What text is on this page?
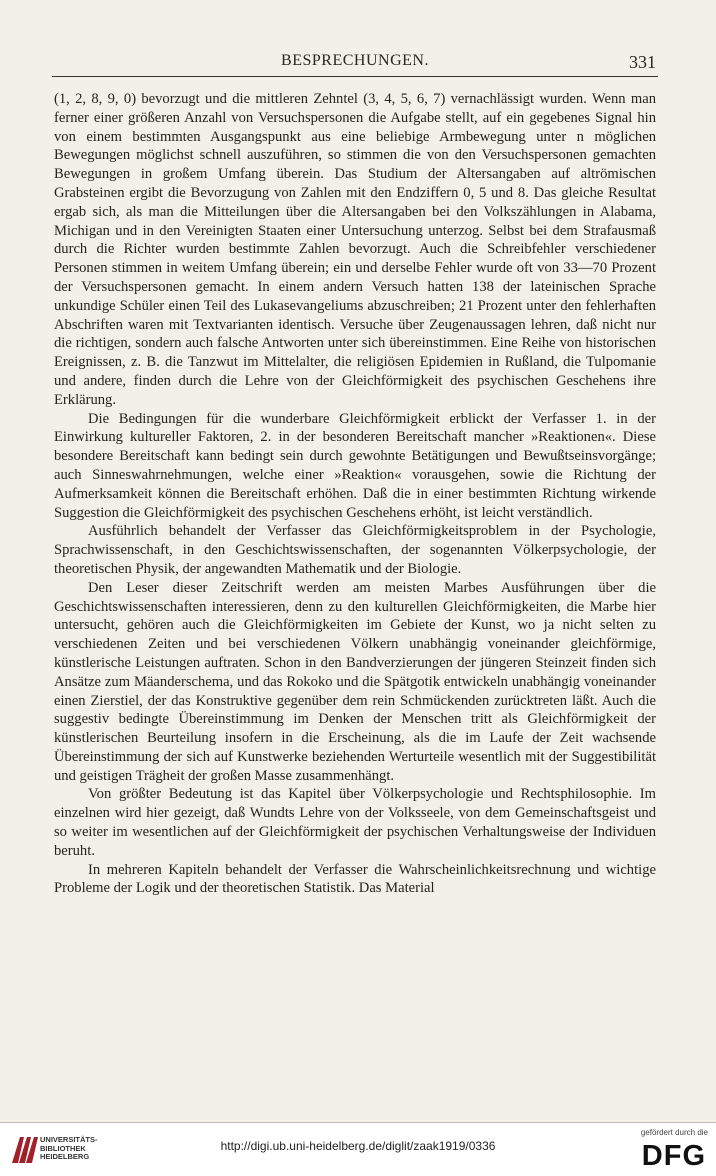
BESPRECHUNGEN.	331

(1, 2, 8, 9, 0) bevorzugt und die mittleren Zehntel (3, 4, 5, 6, 7) vernachlässigt wurden. Wenn man ferner einer größeren Anzahl von Versuchspersonen die Aufgabe stellt, auf ein gegebenes Signal hin von einem bestimmten Ausgangspunkt aus eine beliebige Armbewegung unter n möglichen Bewegungen möglichst schnell auszuführen, so stimmen die von den Versuchspersonen gemachten Bewegungen in großem Umfang überein. Das Studium der Altersangaben auf altrömischen Grabsteinen ergibt die Bevorzugung von Zahlen mit den Endziffern 0, 5 und 8. Das gleiche Resultat ergab sich, als man die Mitteilungen über die Altersangaben bei den Volkszählungen in Alabama, Michigan und in den Vereinigten Staaten einer Untersuchung unterzog. Selbst bei dem Strafausmaß durch die Richter wurden bestimmte Zahlen bevorzugt. Auch die Schreibfehler verschiedener Personen stimmen in weitem Umfang überein; ein und derselbe Fehler wurde oft von 33—70 Prozent der Versuchspersonen gemacht. In einem andern Versuch hatten 138 der lateinischen Sprache unkundige Schüler einen Teil des Lukasevangeliums abzuschreiben; 21 Prozent unter den fehlerhaften Abschriften waren mit Textvarianten identisch. Versuche über Zeugenaussagen lehren, daß nicht nur die richtigen, sondern auch falsche Antworten unter sich übereinstimmen. Eine Reihe von historischen Ereignissen, z. B. die Tanzwut im Mittelalter, die religiösen Epidemien in Rußland, die Tulpomanie und andere, finden durch die Lehre von der Gleichförmigkeit des psychischen Geschehens ihre Erklärung.

Die Bedingungen für die wunderbare Gleichförmigkeit erblickt der Verfasser 1. in der Einwirkung kultureller Faktoren, 2. in der besonderen Bereitschaft mancher »Reaktionen«. Diese besondere Bereitschaft kann bedingt sein durch gewohnte Betätigungen und Bewußtseinsvorgänge; auch Sinneswahrnehmungen, welche einer »Reaktion« vorausgehen, sowie die Richtung der Aufmerksamkeit können die Bereitschaft erhöhen. Daß die in einer bestimmten Richtung wirkende Suggestion die Gleichförmigkeit des psychischen Geschehens erhöht, ist leicht verständlich.

Ausführlich behandelt der Verfasser das Gleichförmigkeitsproblem in der Psychologie, Sprachwissenschaft, in den Geschichtswissenschaften, der sogenannten Völkerpsychologie, der theoretischen Physik, der angewandten Mathematik und der Biologie.

Den Leser dieser Zeitschrift werden am meisten Marbes Ausführungen über die Geschichtswissenschaften interessieren, denn zu den kulturellen Gleichförmigkeiten, die Marbe hier untersucht, gehören auch die Gleichförmigkeiten im Gebiete der Kunst, wo ja nicht selten zu verschiedenen Zeiten und bei verschiedenen Völkern unabhängig voneinander gleichförmige, künstlerische Leistungen auftraten. Schon in den Bandverzierungen der jüngeren Steinzeit finden sich Ansätze zum Mäanderschema, und das Rokoko und die Spätgotik entwickeln unabhängig voneinander einen Zierstiel, der das Konstruktive gegenüber dem rein Schmückenden zurücktreten läßt. Auch die suggestiv bedingte Übereinstimmung im Denken der Menschen tritt als Gleichförmigkeit der künstlerischen Beurteilung insofern in die Erscheinung, als die im Laufe der Zeit wachsende Übereinstimmung der sich auf Kunstwerke beziehenden Werturteile wesentlich mit der Suggestibilität und geistigen Trägheit der großen Masse zusammenhängt.

Von größter Bedeutung ist das Kapitel über Völkerpsychologie und Rechtsphilosophie. Im einzelnen wird hier gezeigt, daß Wundts Lehre von der Volksseele, von dem Gemeinschaftsgeist und so weiter im wesentlichen auf der Gleichförmigkeit der psychischen Verhaltungsweise der Individuen beruht.

In mehreren Kapiteln behandelt der Verfasser die Wahrscheinlichkeitsrechnung und wichtige Probleme der Logik und der theoretischen Statistik. Das Material

UNIVERSITÄTS-
BIBLIOTHEK
HEIDELBERG
http://digi.ub.uni-heidelberg.de/diglit/zaak1919/0336
gefördert durch die
DFG
